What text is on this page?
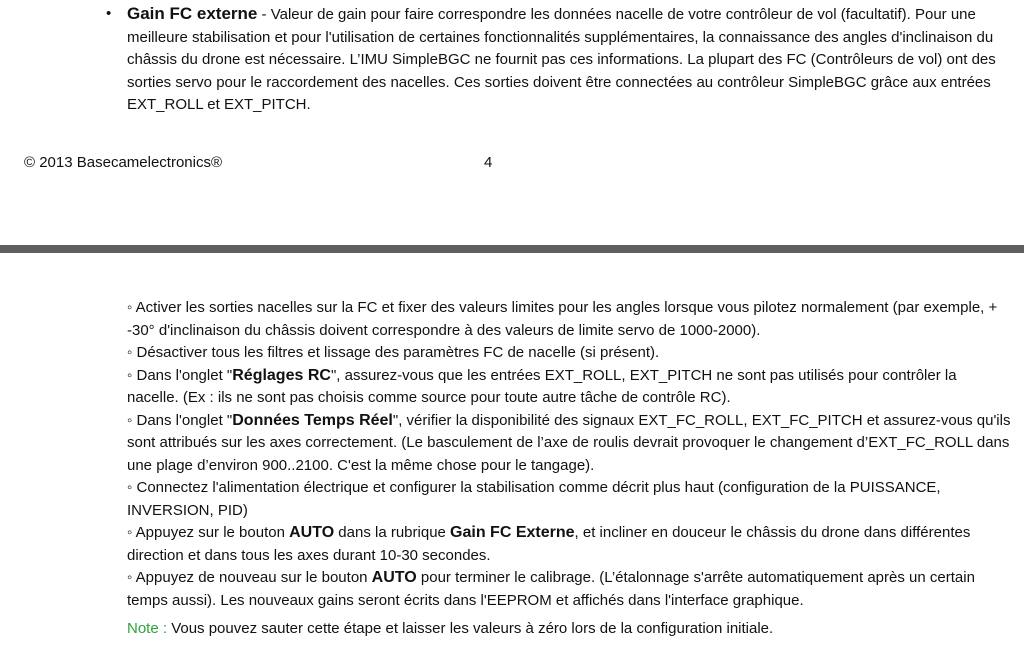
• Gain FC externe - Valeur de gain pour faire correspondre les données nacelle de votre contrôleur de vol (facultatif). Pour une meilleure stabilisation et pour l'utilisation de certaines fonctionnalités supplémentaires, la connaissance des angles d'inclinaison du châssis du drone est nécessaire. L’IMU SimpleBGC ne fournit pas ces informations. La plupart des FC (Contrôleurs de vol) ont des sorties servo pour le raccordement des nacelles. Ces sorties doivent être connectées au contrôleur SimpleBGC grâce aux entrées EXT_ROLL et EXT_PITCH.
© 2013 Basecamelectronics®	4

◦ Activer les sorties nacelles sur la FC et fixer des valeurs limites pour les angles lorsque vous pilotez normalement (par exemple, + -30° d'inclinaison du châssis doivent correspondre à des valeurs de limite servo de 1000-2000).

◦ Désactiver tous les filtres et lissage des paramètres FC de nacelle (si présent).

◦ Dans l'onglet "Réglages RC", assurez-vous que les entrées EXT_ROLL, EXT_PITCH ne sont pas utilisés pour contrôler la nacelle. (Ex : ils ne sont pas choisis comme source pour toute autre tâche de contrôle RC).

◦ Dans l'onglet "Données Temps Réel", vérifier la disponibilité des signaux EXT_FC_ROLL, EXT_FC_PITCH et assurez-vous qu'ils sont attribués sur les axes correctement. (Le basculement de l’axe de roulis devrait provoquer le changement d’EXT_FC_ROLL dans une plage d’environ 900..2100. C'est la même chose pour le tangage).

◦ Connectez l'alimentation électrique et configurer la stabilisation comme décrit plus haut (configuration de la PUISSANCE, INVERSION, PID)

◦ Appuyez sur le bouton AUTO dans la rubrique Gain FC Externe, et incliner en douceur le châssis du drone dans différentes direction et dans tous les axes durant 10-30 secondes.

◦ Appuyez de nouveau sur le bouton AUTO pour terminer le calibrage. (L’étalonnage s'arrête automatiquement après un certain temps aussi). Les nouveaux gains seront écrits dans l'EEPROM et affichés dans l'interface graphique.

Note : Vous pouvez sauter cette étape et laisser les valeurs à zéro lors de la configuration initiale.
